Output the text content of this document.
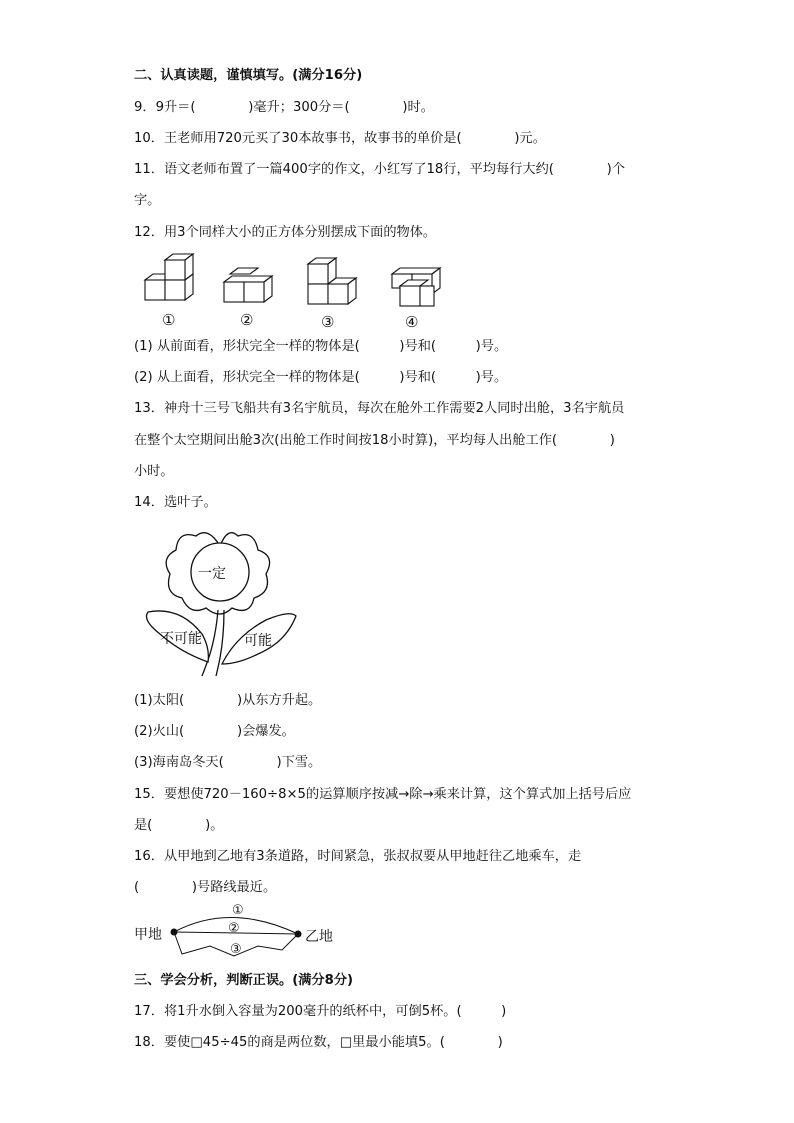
二、认真读题，谨慎填写。(满分16分)
9．9升＝(　　　　)毫升；300分＝(　　　　)时。
10．王老师用720元买了30本故事书，故事书的单价是(　　　　)元。
11．语文老师布置了一篇400字的作文，小红写了18行，平均每行大约(　　　　)个
字。
12．用3个同样大小的正方体分别摆成下面的物体。
①	②	③	④
(1) 从前面看，形状完全一样的物体是(　　　)号和(　　　)号。
(2) 从上面看，形状完全一样的物体是(　　　)号和(　　　)号。
13．神舟十三号飞船共有3名宇航员，每次在舱外工作需要2人同时出舱，3名宇航员
在整个太空期间出舱3次(出舱工作时间按18小时算)，平均每人出舱工作(　　　　)
小时。
14．选叶子。
一定
不可能	可能
(1)太阳(　　　　)从东方升起。
(2)火山(　　　　)会爆发。
(3)海南岛冬天(　　　　)下雪。
15．要想使720－160÷8×5的运算顺序按减→除→乘来计算，这个算式加上括号后应
是(　　　　)。
16．从甲地到乙地有3条道路，时间紧急，张叔叔要从甲地赶往乙地乘车，走
(　　　　)号路线最近。
甲地	乙地
①
②
③
三、学会分析，判断正误。(满分8分)
17．将1升水倒入容量为200毫升的纸杯中，可倒5杯。(　　　)
18．要使□45÷45的商是两位数，□里最小能填5。(　　　　)
